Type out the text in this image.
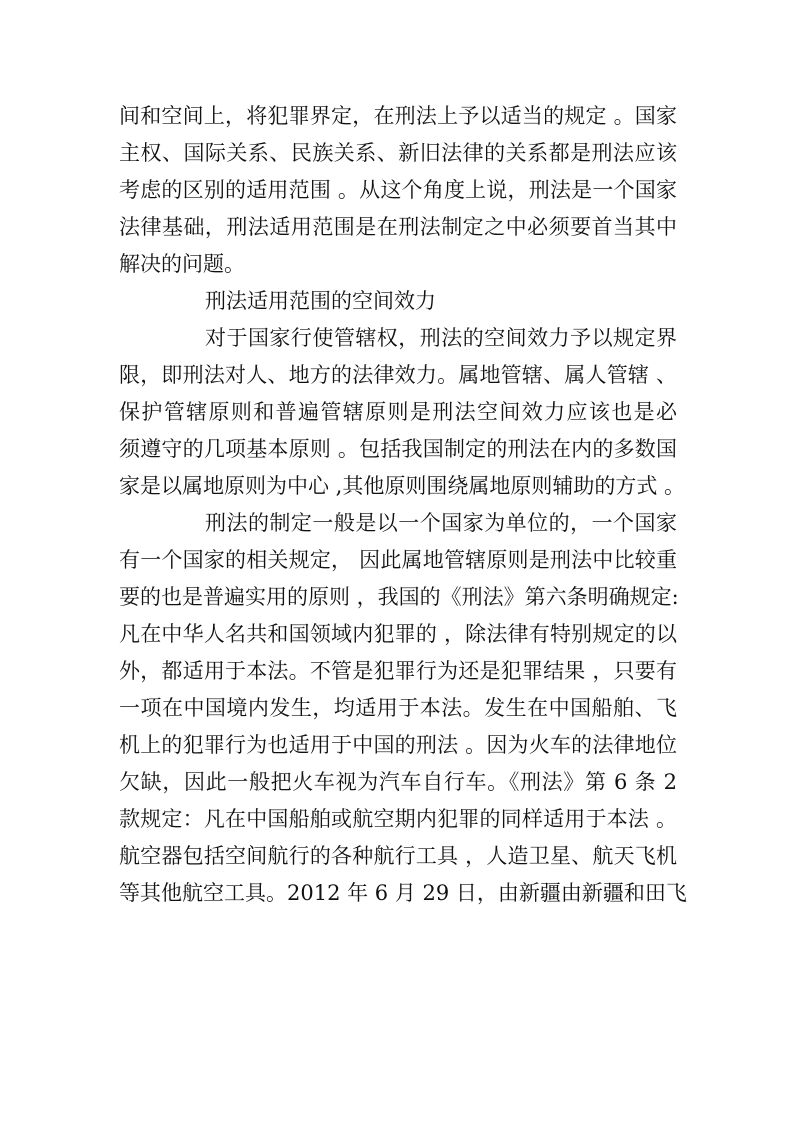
间和空间上，将犯罪界定，在刑法上予以适当的规定 。国家
主权、国际关系、民族关系、新旧法律的关系都是刑法应该
考虑的区别的适用范围 。从这个角度上说，刑法是一个国家
法律基础，刑法适用范围是在刑法制定之中必须要首当其中
解决的问题。
刑法适用范围的空间效力
对于国家行使管辖权，刑法的空间效力予以规定界
限，即刑法对人、地方的法律效力。属地管辖、属人管辖 、
保护管辖原则和普遍管辖原则是刑法空间效力应该也是必
须遵守的几项基本原则 。包括我国制定的刑法在内的多数国
家是以属地原则为中心 ,其他原则围绕属地原则辅助的方式 。
刑法的制定一般是以一个国家为单位的，一个国家
有一个国家的相关规定， 因此属地管辖原则是刑法中比较重
要的也是普遍实用的原则 ，我国的《刑法》第六条明确规定:
凡在中华人名共和国领域内犯罪的 ，除法律有特别规定的以
外，都适用于本法。不管是犯罪行为还是犯罪结果 ，只要有
一项在中国境内发生，均适用于本法。发生在中国船舶、飞
机上的犯罪行为也适用于中国的刑法 。因为火车的法律地位
欠缺，因此一般把火车视为汽车自行车。《刑法》第 6 条 2
款规定：凡在中国船舶或航空期内犯罪的同样适用于本法 。
航空器包括空间航行的各种航行工具 ，人造卫星、航天飞机
等其他航空工具。2012 年 6 月 29 日，由新疆由新疆和田飞
